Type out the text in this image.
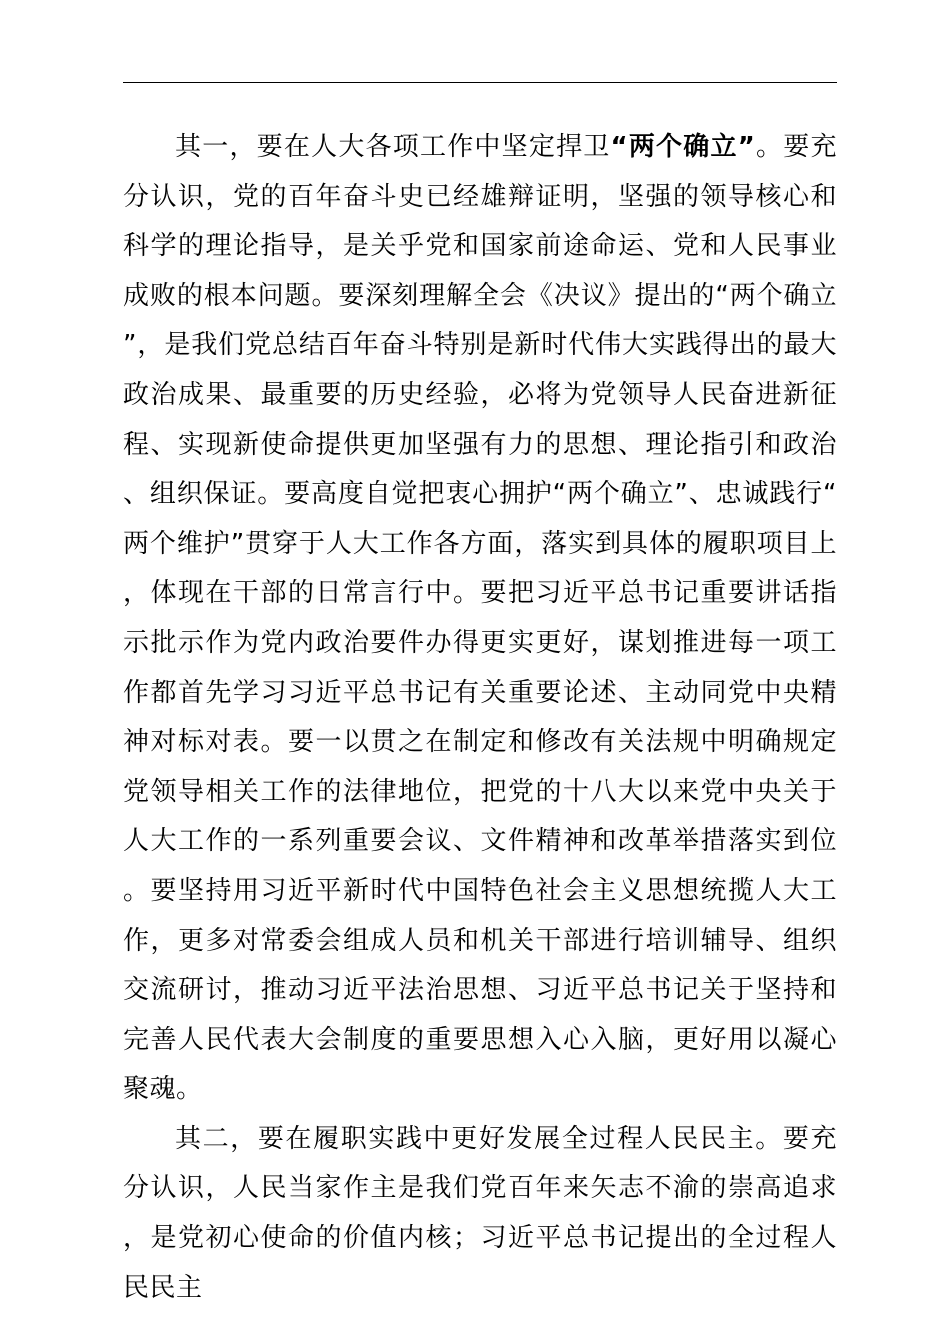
其一，要在人大各项工作中坚定捍卫“两个确立”。要充分认识，党的百年奋斗史已经雄辩证明，坚强的领导核心和科学的理论指导，是关乎党和国家前途命运、党和人民事业成败的根本问题。要深刻理解全会《决议》提出的“两个确立”，是我们党总结百年奋斗特别是新时代伟大实践得出的最大政治成果、最重要的历史经验，必将为党领导人民奋进新征程、实现新使命提供更加坚强有力的思想、理论指引和政治、组织保证。要高度自觉把衷心拥护“两个确立”、忠诚践行“两个维护”贯穿于人大工作各方面，落实到具体的履职项目上，体现在干部的日常言行中。要把习近平总书记重要讲话指示批示作为党内政治要件办得更实更好，谋划推进每一项工作都首先学习习近平总书记有关重要论述、主动同党中央精神对标对表。要一以贯之在制定和修改有关法规中明确规定党领导相关工作的法律地位，把党的十八大以来党中央关于人大工作的一系列重要会议、文件精神和改革举措落实到位。要坚持用习近平新时代中国特色社会主义思想统揽人大工作，更多对常委会组成人员和机关干部进行培训辅导、组织交流研讨，推动习近平法治思想、习近平总书记关于坚持和完善人民代表大会制度的重要思想入心入脑，更好用以凝心聚魂。

其二，要在履职实践中更好发展全过程人民民主。要充分认识，人民当家作主是我们党百年来矢志不渝的崇高追求，是党初心使命的价值内核；习近平总书记提出的全过程人民民主
